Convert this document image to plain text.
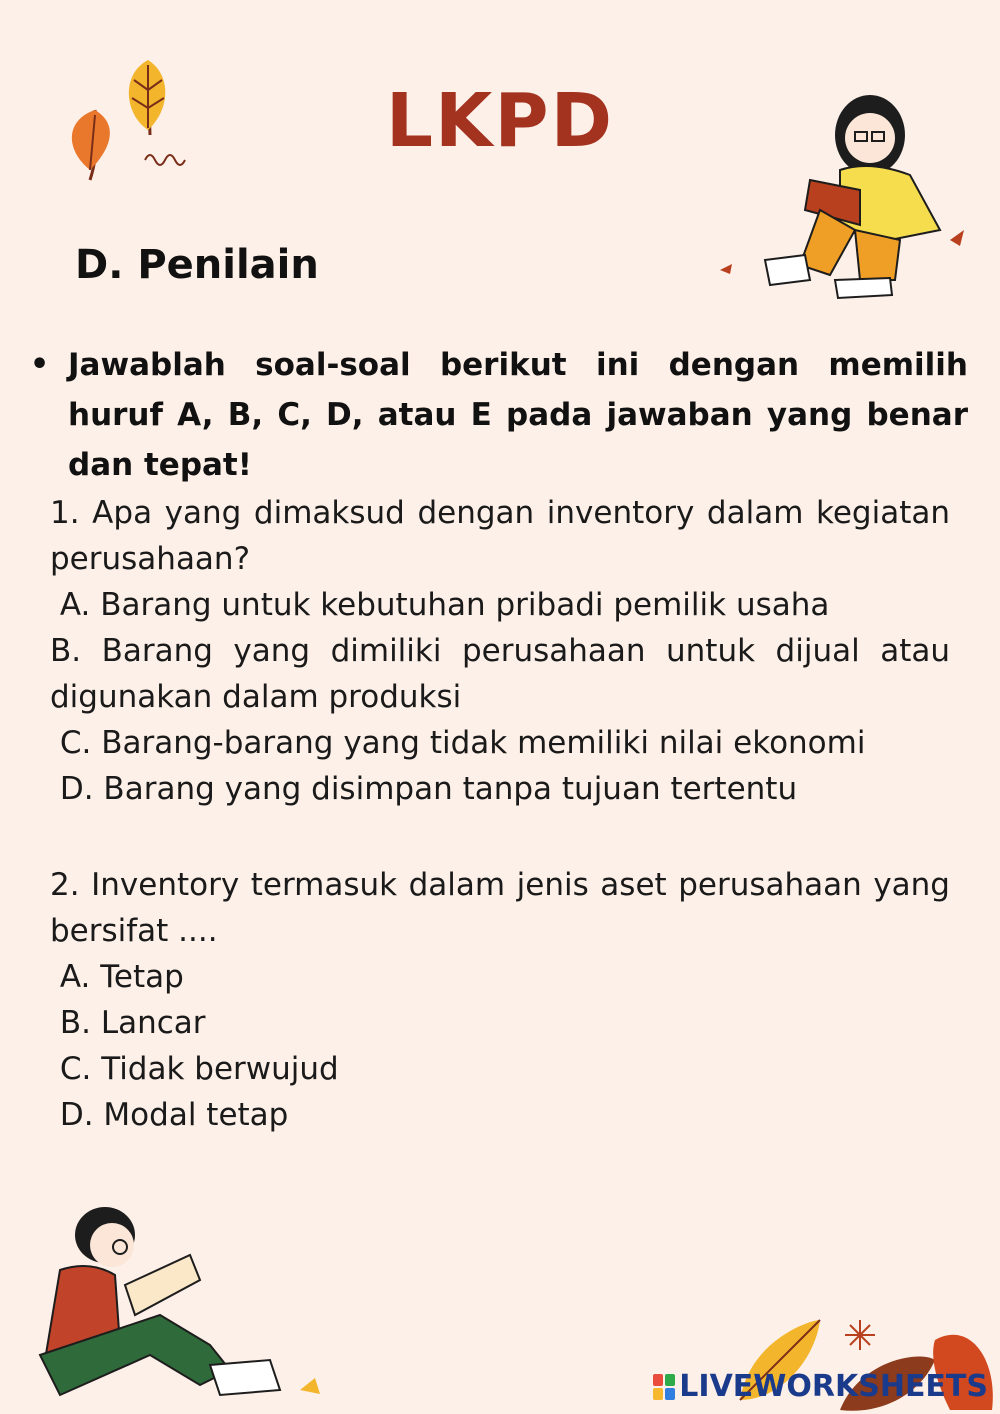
LKPD
D. Penilain
• Jawablah soal-soal berikut ini dengan memilih huruf A, B, C, D, atau E pada jawaban yang benar dan tepat!
1. Apa yang dimaksud dengan inventory dalam kegiatan perusahaan?
A. Barang untuk kebutuhan pribadi pemilik usaha
B. Barang yang dimiliki perusahaan untuk dijual atau digunakan dalam produksi
C. Barang-barang yang tidak memiliki nilai ekonomi
D. Barang yang disimpan tanpa tujuan tertentu
2. Inventory termasuk dalam jenis aset perusahaan yang bersifat ....
A. Tetap
B. Lancar
C. Tidak berwujud
D. Modal tetap
LIVEWORKSHEETS
